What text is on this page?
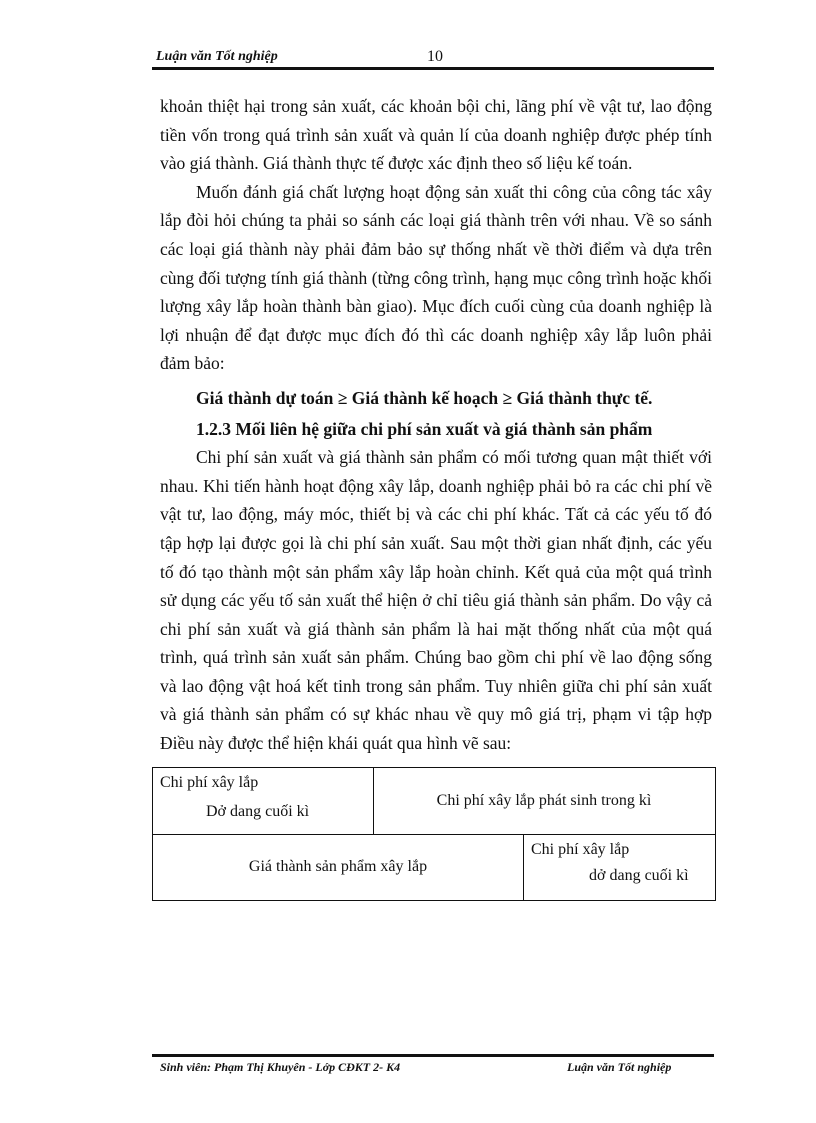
Luận văn Tốt nghiệp	10

khoản thiệt hại trong sản xuất, các khoản bội chi, lãng phí về vật tư, lao động tiền vốn trong quá trình sản xuất và quản lí của doanh nghiệp được phép tính vào giá thành. Giá thành thực tế được xác định theo số liệu kế toán.

Muốn đánh giá chất lượng hoạt động sản xuất thi công của công tác xây lắp đòi hỏi chúng ta phải so sánh các loại giá thành trên với nhau. Về so sánh các loại giá thành này phải đảm bảo sự thống nhất về thời điểm và dựa trên cùng đối tượng tính giá thành (từng công trình, hạng mục công trình hoặc khối lượng xây lắp hoàn thành bàn giao). Mục đích cuối cùng của doanh nghiệp là lợi nhuận để đạt được mục đích đó thì các doanh nghiệp xây lắp luôn phải đảm bảo:

Giá thành dự toán ≥ Giá thành kế hoạch ≥ Giá thành thực tế.

1.2.3 Mối liên hệ giữa chi phí sản xuất và giá thành sản phẩm

Chi phí sản xuất và giá thành sản phẩm có mối tương quan mật thiết với nhau. Khi tiến hành hoạt động xây lắp, doanh nghiệp phải bỏ ra các chi phí về vật tư, lao động, máy móc, thiết bị và các chi phí khác. Tất cả các yếu tố đó tập hợp lại được gọi là chi phí sản xuất. Sau một thời gian nhất định, các yếu tố đó tạo thành một sản phẩm xây lắp hoàn chỉnh. Kết quả của một quá trình sử dụng các yếu tố sản xuất thể hiện ở chỉ tiêu giá thành sản phẩm. Do vậy cả chi phí sản xuất và giá thành sản phẩm là hai mặt thống nhất của một quá trình, quá trình sản xuất sản phẩm. Chúng bao gồm chi phí về lao động sống và lao động vật hoá kết tinh trong sản phẩm. Tuy nhiên giữa chi phí sản xuất và giá thành sản phẩm có sự khác nhau về quy mô giá trị, phạm vi tập hợp Điều này được thể hiện khái quát qua hình vẽ sau:

Chi phí xây lắp
Dở dang cuối kì
Chi phí xây lắp phát sinh trong kì
Giá thành sản phẩm xây lắp
Chi phí xây lắp
dở dang cuối kì
Sinh viên: Phạm Thị Khuyên - Lớp CĐKT 2- K4	Luận văn Tốt nghiệp
